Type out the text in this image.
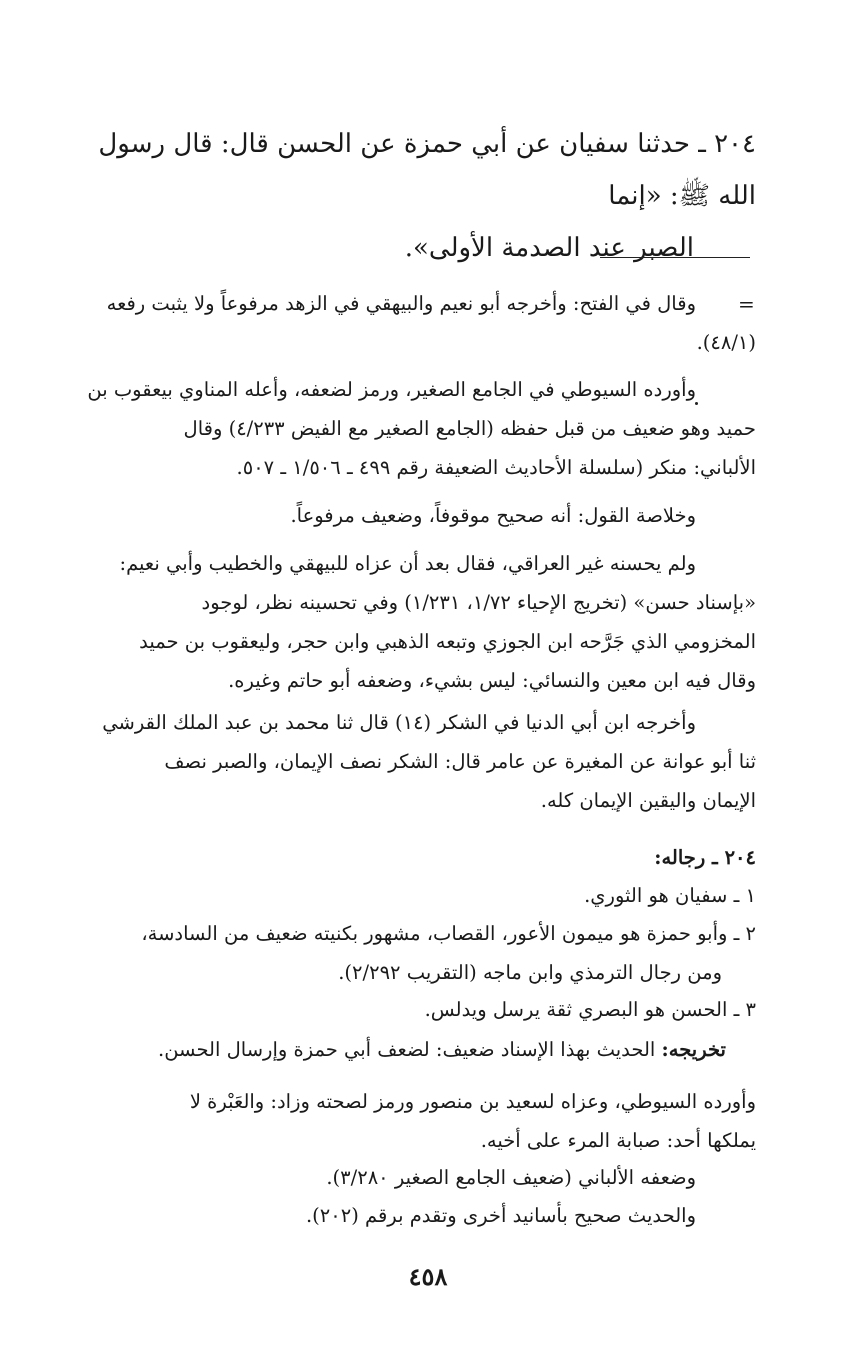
٢٠٤ ـ حدثنا سفيان عن أبي حمزة عن الحسن قال: قال رسول الله ﷺ: «إنما
الصبر عند الصدمة الأولى».
=
وقال في الفتح: وأخرجه أبو نعيم والبيهقي في الزهد مرفوعاً ولا يثبت رفعه
(٤٨/١).
وأورده السيوطي في الجامع الصغير، ورمز لضعفه، وأعله المناوي بيعقوب بن
حميد وهو ضعيف من قبل حفظه (الجامع الصغير مع الفيض ٤/٢٣٣) وقال
الألباني: منكر (سلسلة الأحاديث الضعيفة رقم ٤٩٩ ـ ١/٥٠٦ ـ ٥٠٧.
وخلاصة القول: أنه صحيح موقوفاً، وضعيف مرفوعاً.
ولم يحسنه غير العراقي، فقال بعد أن عزاه للبيهقي والخطيب وأبي نعيم:
«بإسناد حسن» (تخريج الإحياء ١/٧٢، ١/٢٣١) وفي تحسينه نظر، لوجود
المخزومي الذي جَرَّحه ابن الجوزي وتبعه الذهبي وابن حجر، وليعقوب بن حميد
وقال فيه ابن معين والنسائي: ليس بشيء، وضعفه أبو حاتم وغيره.
وأخرجه ابن أبي الدنيا في الشكر (١٤) قال ثنا محمد بن عبد الملك القرشي
ثنا أبو عوانة عن المغيرة عن عامر قال: الشكر نصف الإيمان، والصبر نصف
الإيمان واليقين الإيمان كله.
٢٠٤ ـ رجاله:
١ ـ سفيان هو الثوري.
٢ ـ وأبو حمزة هو ميمون الأعور، القصاب، مشهور بكنيته ضعيف من السادسة،
ومن رجال الترمذي وابن ماجه (التقريب ٢/٢٩٢).
٣ ـ الحسن هو البصري ثقة يرسل ويدلس.
تخريجه: الحديث بهذا الإسناد ضعيف: لضعف أبي حمزة وإرسال الحسن.
وأورده السيوطي، وعزاه لسعيد بن منصور ورمز لصحته وزاد: والعَبْرة لا
يملكها أحد: صبابة المرء على أخيه.
وضعفه الألباني (ضعيف الجامع الصغير ٣/٢٨٠).
والحديث صحيح بأسانيد أخرى وتقدم برقم (٢٠٢).
٤٥٨
